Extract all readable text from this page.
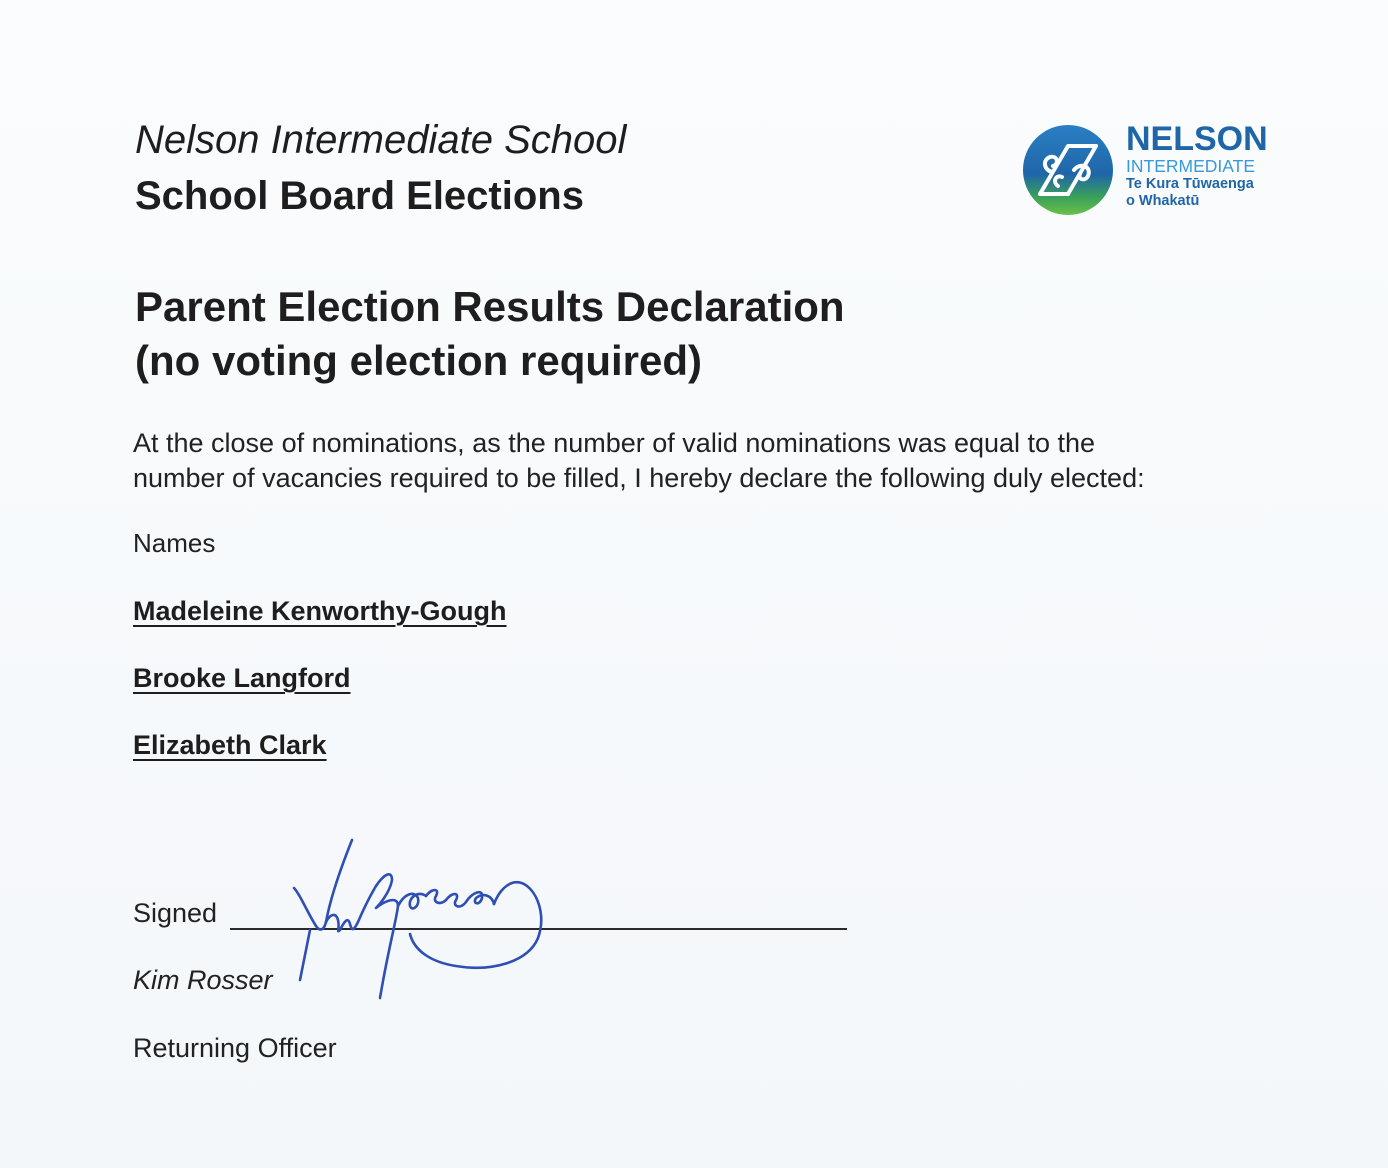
Nelson Intermediate School
School Board Elections
NELSON
INTERMEDIATE
Te Kura Tūwaenga
o Whakatū
Parent Election Results Declaration
(no voting election required)

At the close of nominations, as the number of valid nominations was equal to the
number of vacancies required to be filled, I hereby declare the following duly elected:

Names
Madeleine Kenworthy-Gough
Brooke Langford
Elizabeth Clark
Signed
Kim Rosser
Returning Officer
